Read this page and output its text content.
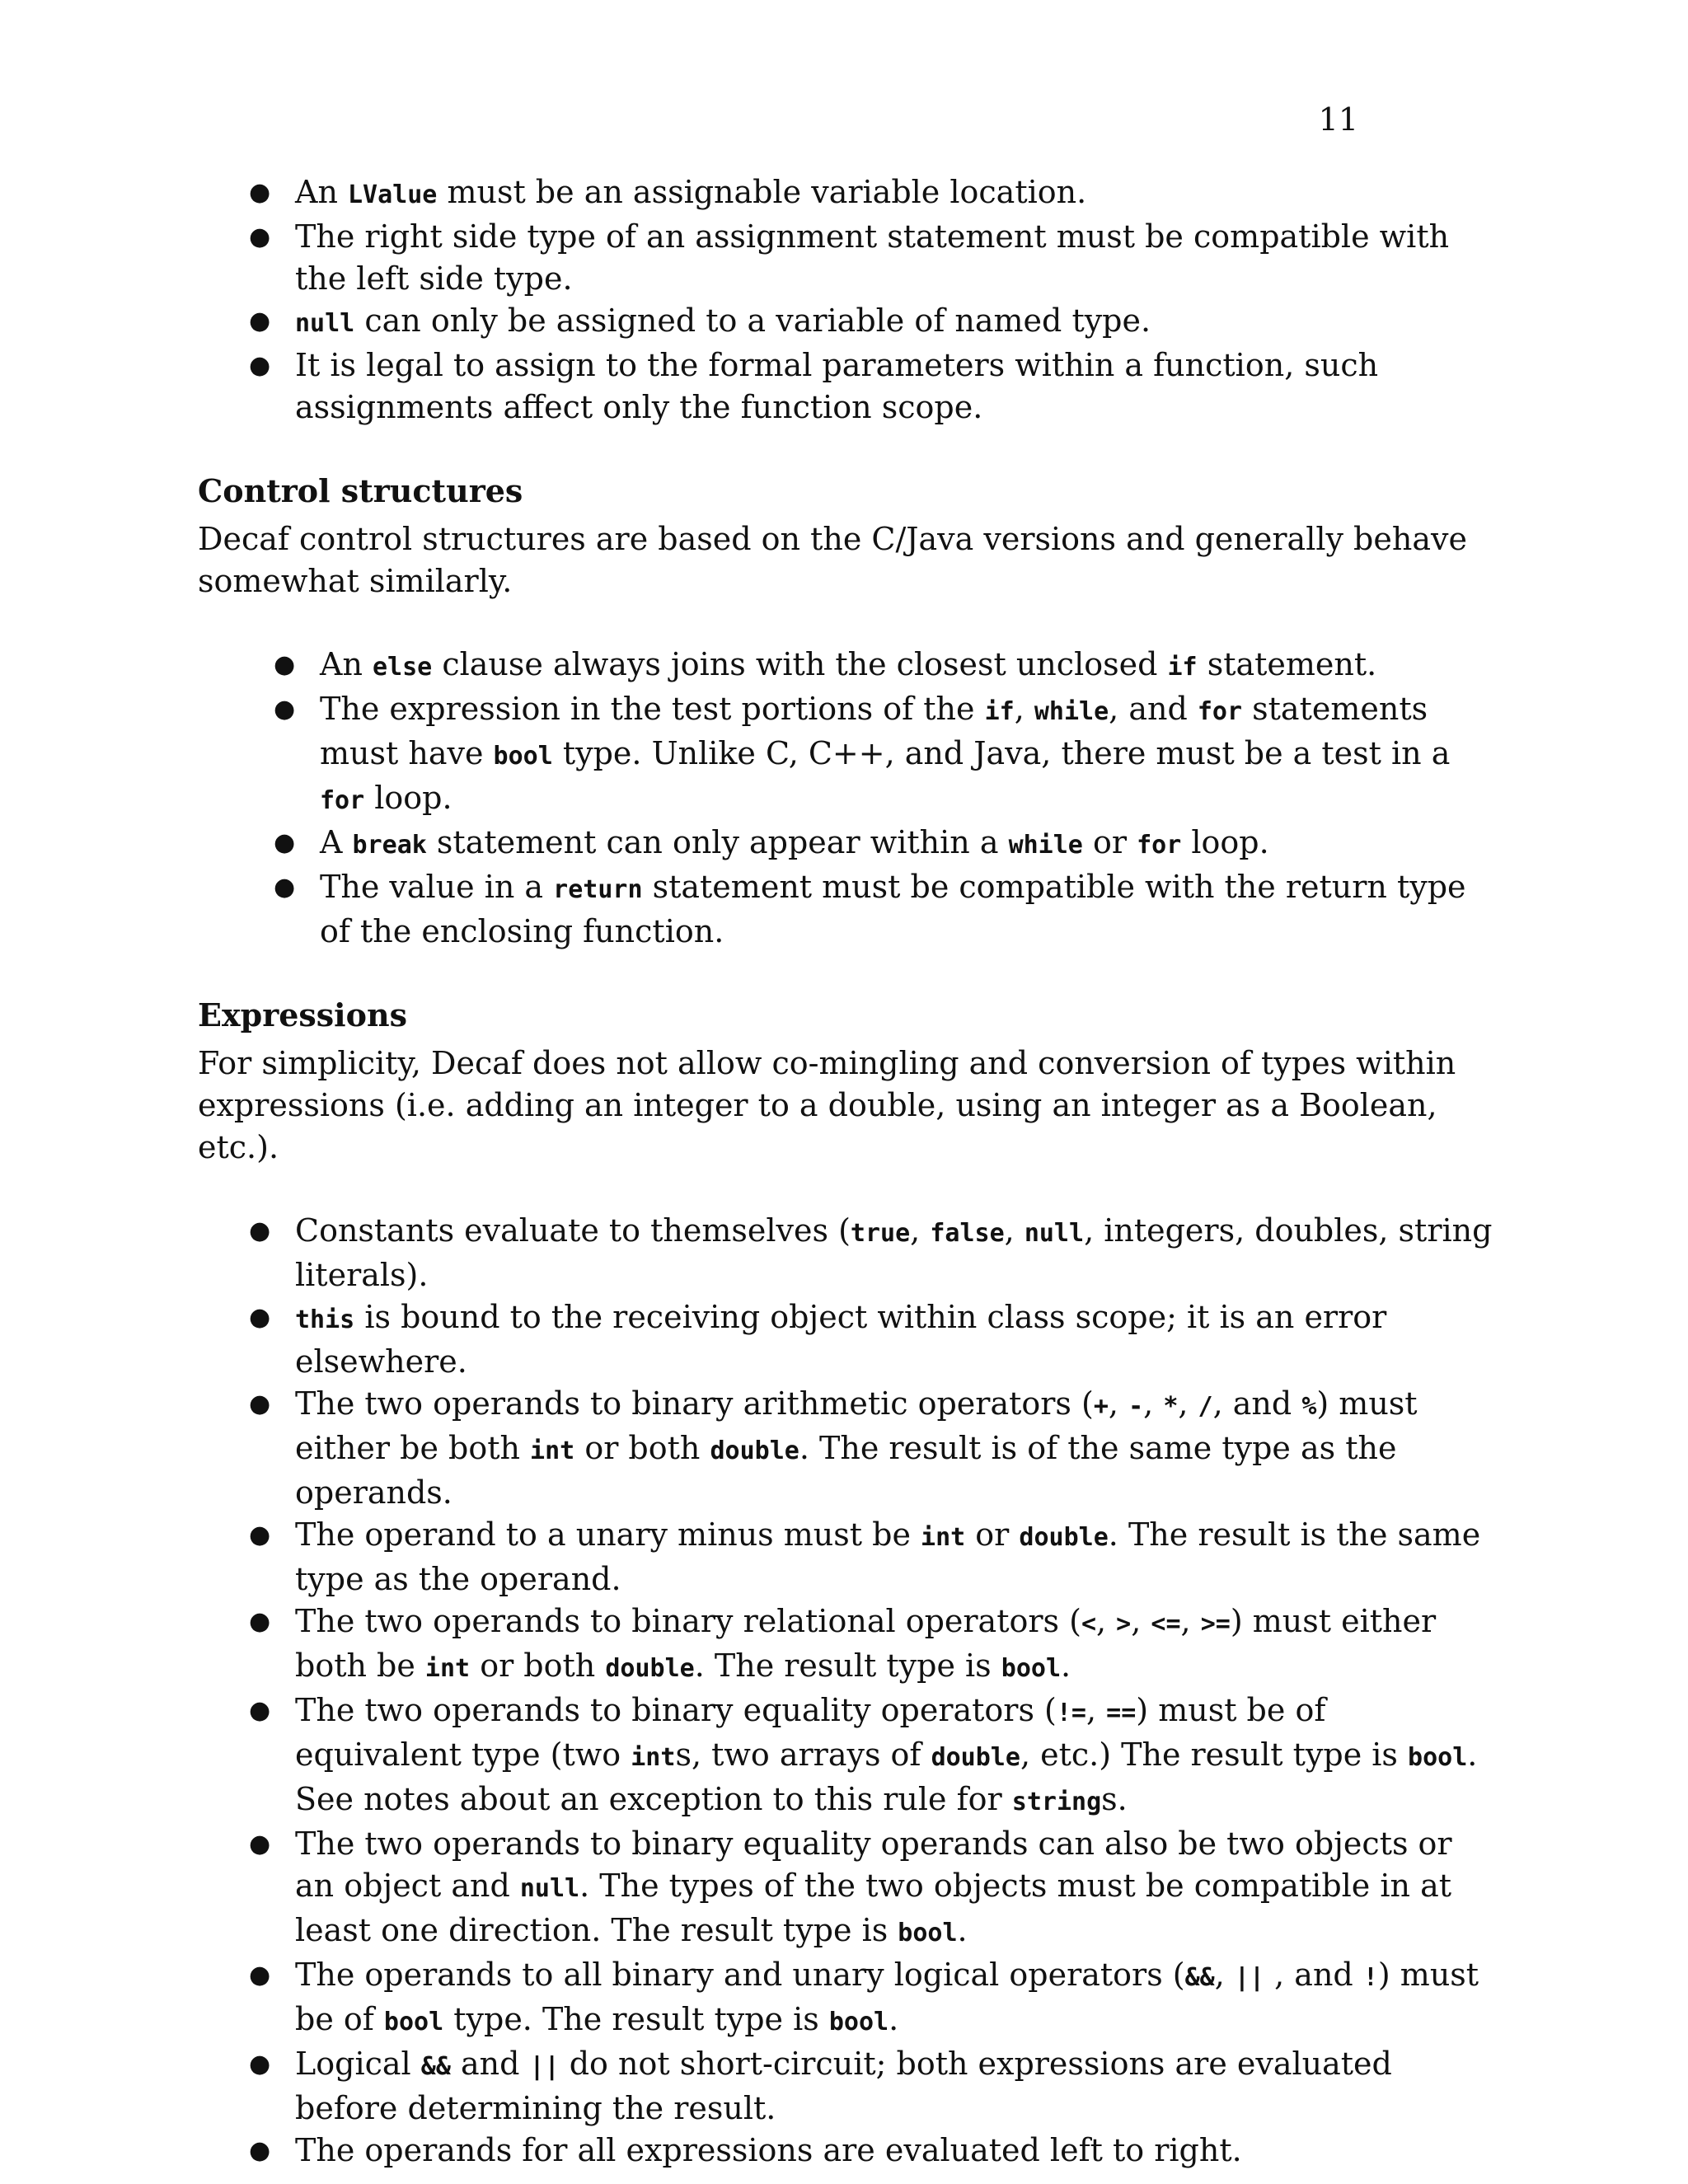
11
● An LValue must be an assignable variable location.
● The right side type of an assignment statement must be compatible with the left side type.
● null can only be assigned to a variable of named type.
● It is legal to assign to the formal parameters within a function, such assignments affect only the function scope.
Control structures
Decaf control structures are based on the C/Java versions and generally behave somewhat similarly.
● An else clause always joins with the closest unclosed if statement.
● The expression in the test portions of the if, while, and for statements must have bool type. Unlike C, C++, and Java, there must be a test in a for loop.
● A break statement can only appear within a while or for loop.
● The value in a return statement must be compatible with the return type of the enclosing function.
Expressions
For simplicity, Decaf does not allow co-mingling and conversion of types within expressions (i.e. adding an integer to a double, using an integer as a Boolean, etc.).
● Constants evaluate to themselves (true, false, null, integers, doubles, string literals).
● this is bound to the receiving object within class scope; it is an error elsewhere.
● The two operands to binary arithmetic operators (+, -, *, /, and %) must either be both int or both double. The result is of the same type as the operands.
● The operand to a unary minus must be int or double. The result is the same type as the operand.
● The two operands to binary relational operators (<, >, <=, >=) must either both be int or both double. The result type is bool.
● The two operands to binary equality operators (!=, ==) must be of equivalent type (two ints, two arrays of double, etc.) The result type is bool. See notes about an exception to this rule for strings.
● The two operands to binary equality operands can also be two objects or an object and null. The types of the two objects must be compatible in at least one direction. The result type is bool.
● The operands to all binary and unary logical operators (&&, || , and !) must be of bool type. The result type is bool.
● Logical && and || do not short-circuit; both expressions are evaluated before determining the result.
● The operands for all expressions are evaluated left to right.
